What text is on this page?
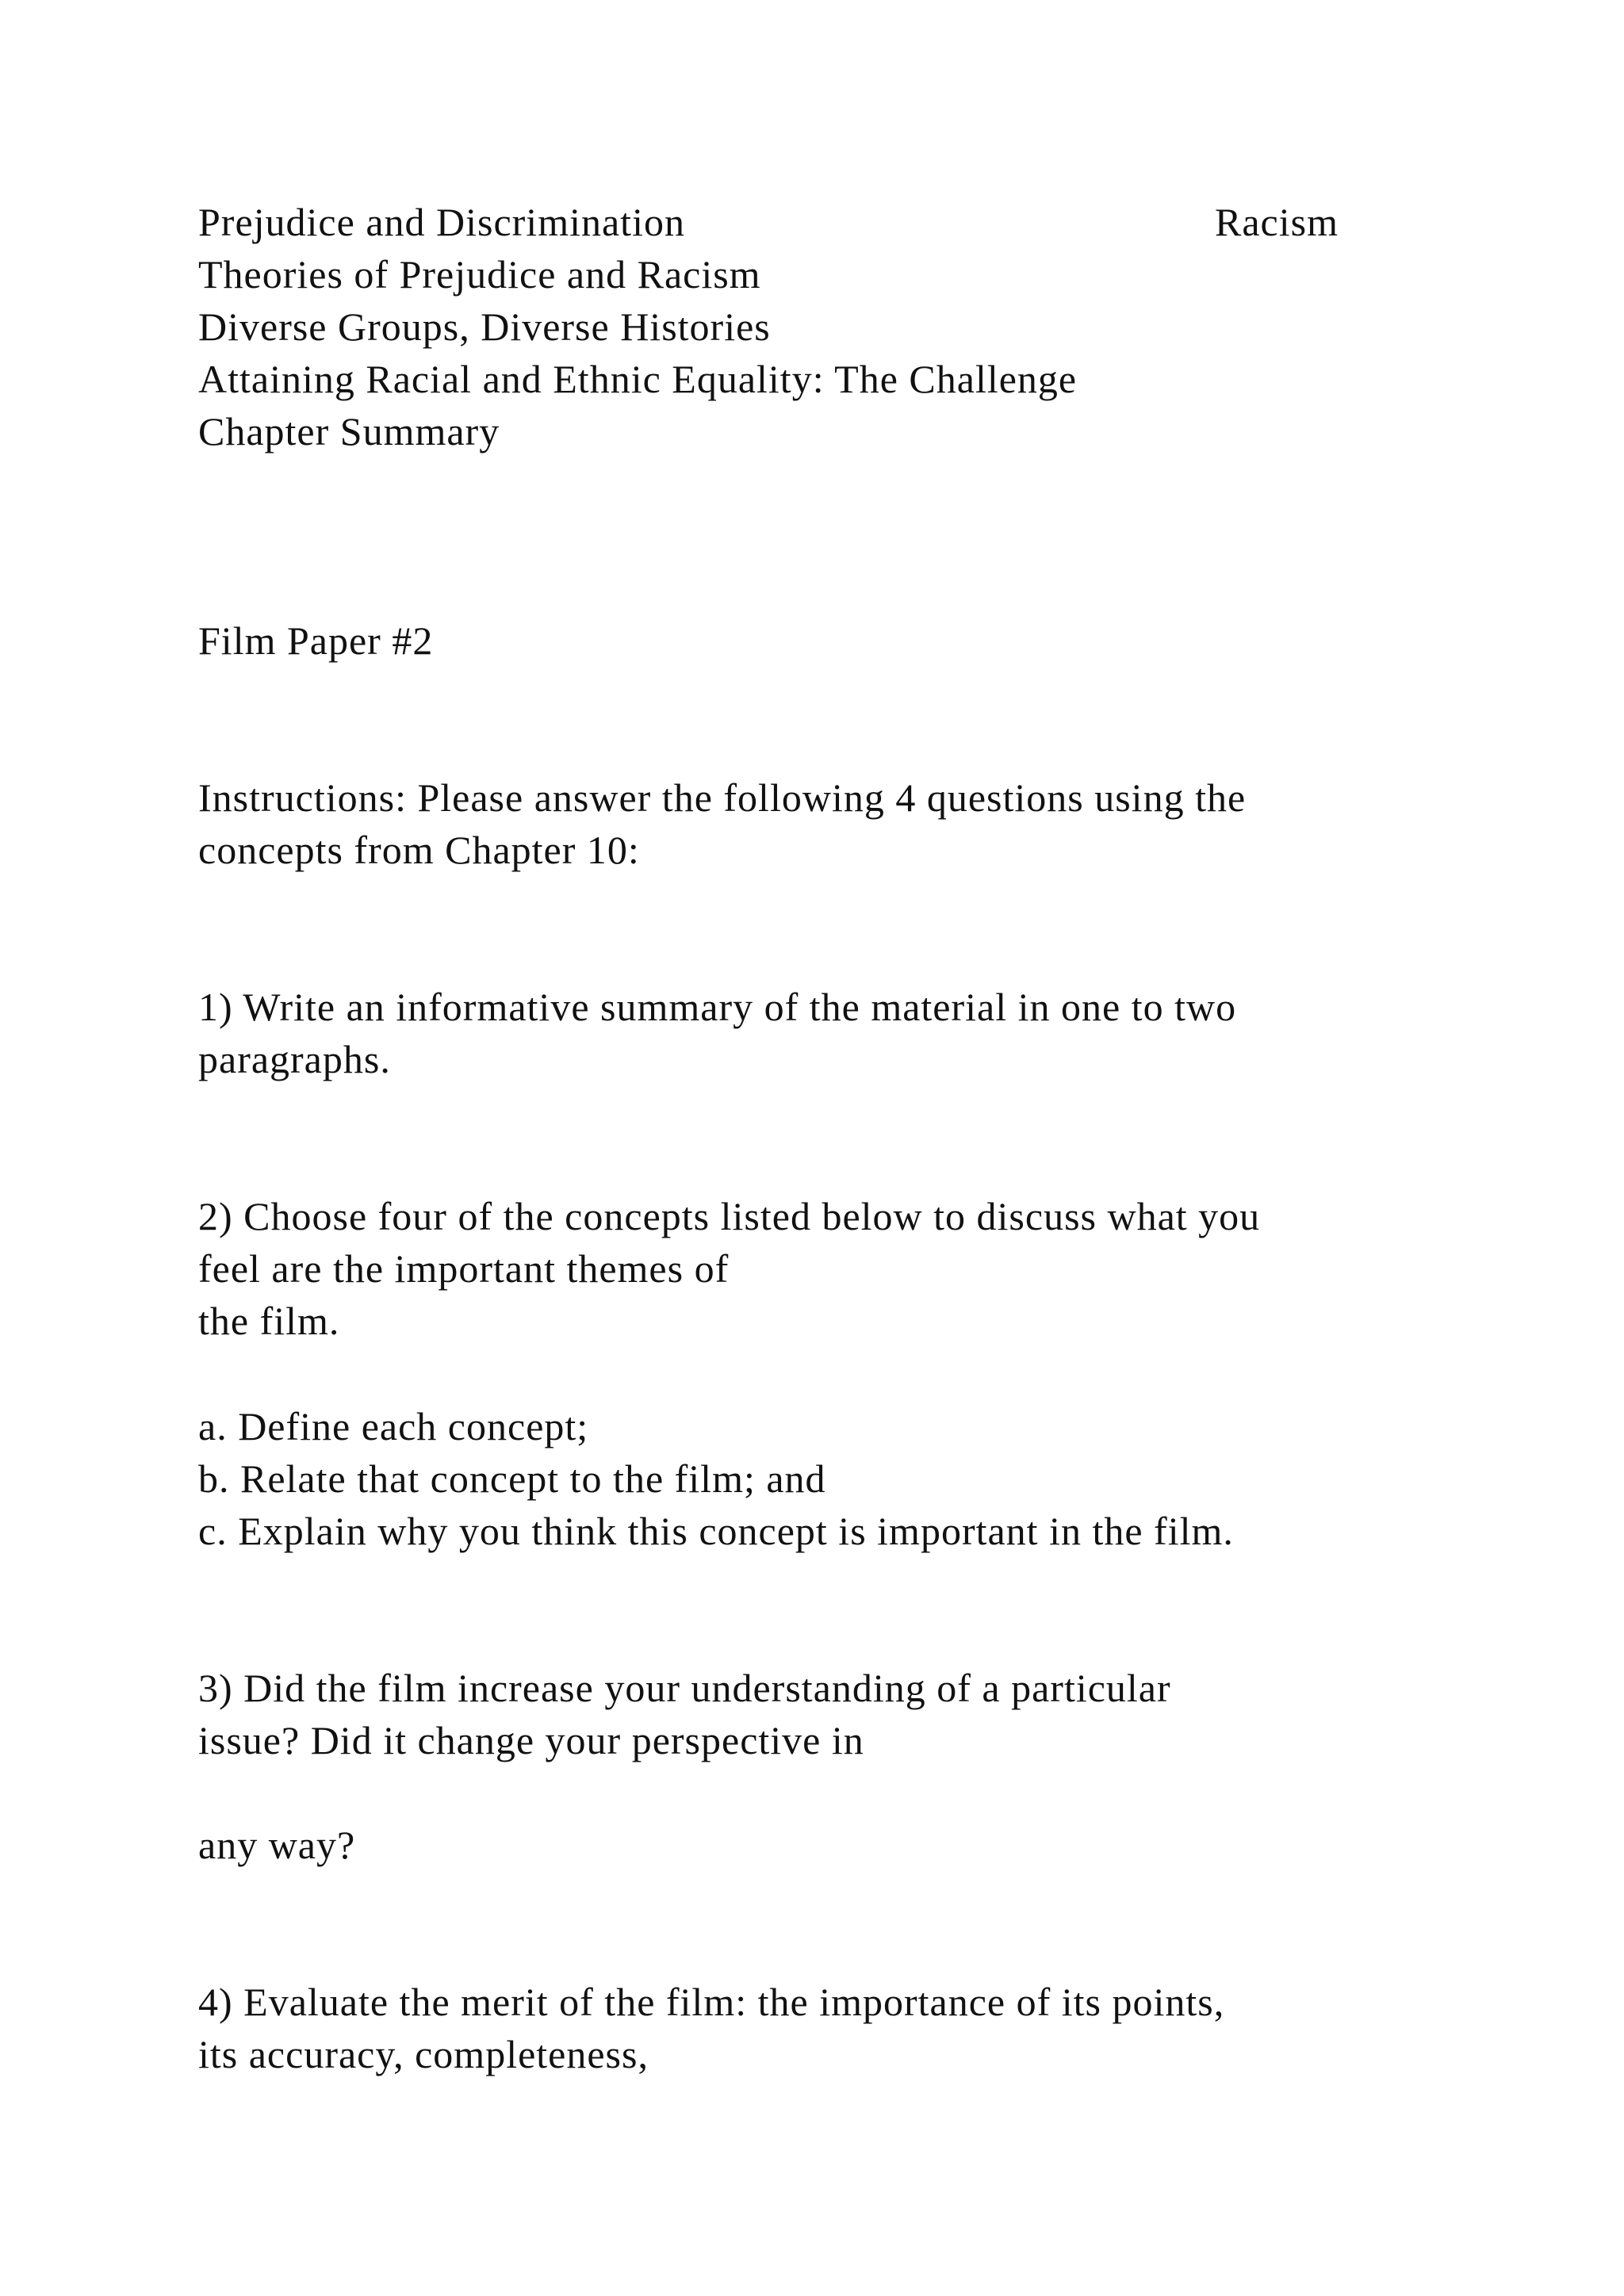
Prejudice and Discrimination	Racism
Theories of Prejudice and Racism
Diverse Groups, Diverse Histories
Attaining Racial and Ethnic Equality: The Challenge
Chapter Summary
Film Paper #2
Instructions: Please answer the following 4 questions using the
concepts from Chapter 10:
1) Write an informative summary of the material in one to two
paragraphs.
2) Choose four of the concepts listed below to discuss what you
feel are the important themes of
the film.
a. Define each concept;
b. Relate that concept to the film; and
c. Explain why you think this concept is important in the film.
3) Did the film increase your understanding of a particular
issue? Did it change your perspective in
any way?
4) Evaluate the merit of the film: the importance of its points,
its accuracy, completeness,
